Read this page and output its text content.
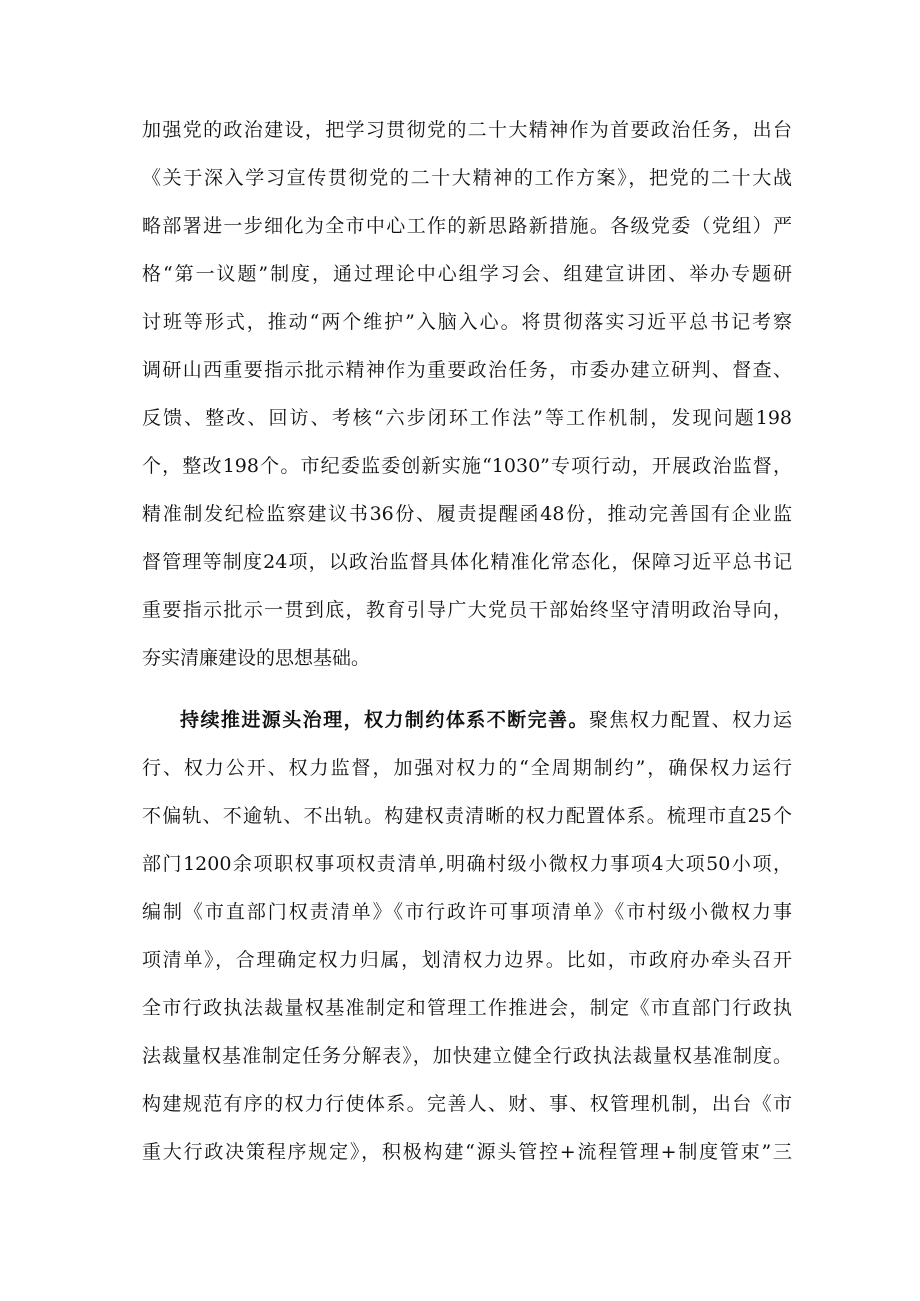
加强党的政治建设，把学习贯彻党的二十大精神作为首要政治任务，出台
《关于深入学习宣传贯彻党的二十大精神的工作方案》，把党的二十大战
略部署进一步细化为全市中心工作的新思路新措施。各级党委（党组）严
格“第一议题”制度，通过理论中心组学习会、组建宣讲团、举办专题研
讨班等形式，推动“两个维护”入脑入心。将贯彻落实习近平总书记考察
调研山西重要指示批示精神作为重要政治任务，市委办建立研判、督查、
反馈、整改、回访、考核“六步闭环工作法”等工作机制，发现问题198
个，整改198个。市纪委监委创新实施“1030”专项行动，开展政治监督，
精准制发纪检监察建议书36份、履责提醒函48份，推动完善国有企业监
督管理等制度24项，以政治监督具体化精准化常态化，保障习近平总书记
重要指示批示一贯到底，教育引导广大党员干部始终坚守清明政治导向，
夯实清廉建设的思想基础。
持续推进源头治理，权力制约体系不断完善。聚焦权力配置、权力运
行、权力公开、权力监督，加强对权力的“全周期制约”，确保权力运行
不偏轨、不逾轨、不出轨。构建权责清晰的权力配置体系。梳理市直25个
部门1200余项职权事项权责清单,明确村级小微权力事项4大项50小项，
编制《市直部门权责清单》《市行政许可事项清单》《市村级小微权力事
项清单》，合理确定权力归属，划清权力边界。比如，市政府办牵头召开
全市行政执法裁量权基准制定和管理工作推进会，制定《市直部门行政执
法裁量权基准制定任务分解表》，加快建立健全行政执法裁量权基准制度。
构建规范有序的权力行使体系。完善人、财、事、权管理机制，出台《市
重大行政决策程序规定》，积极构建“源头管控+流程管理+制度管束”三
